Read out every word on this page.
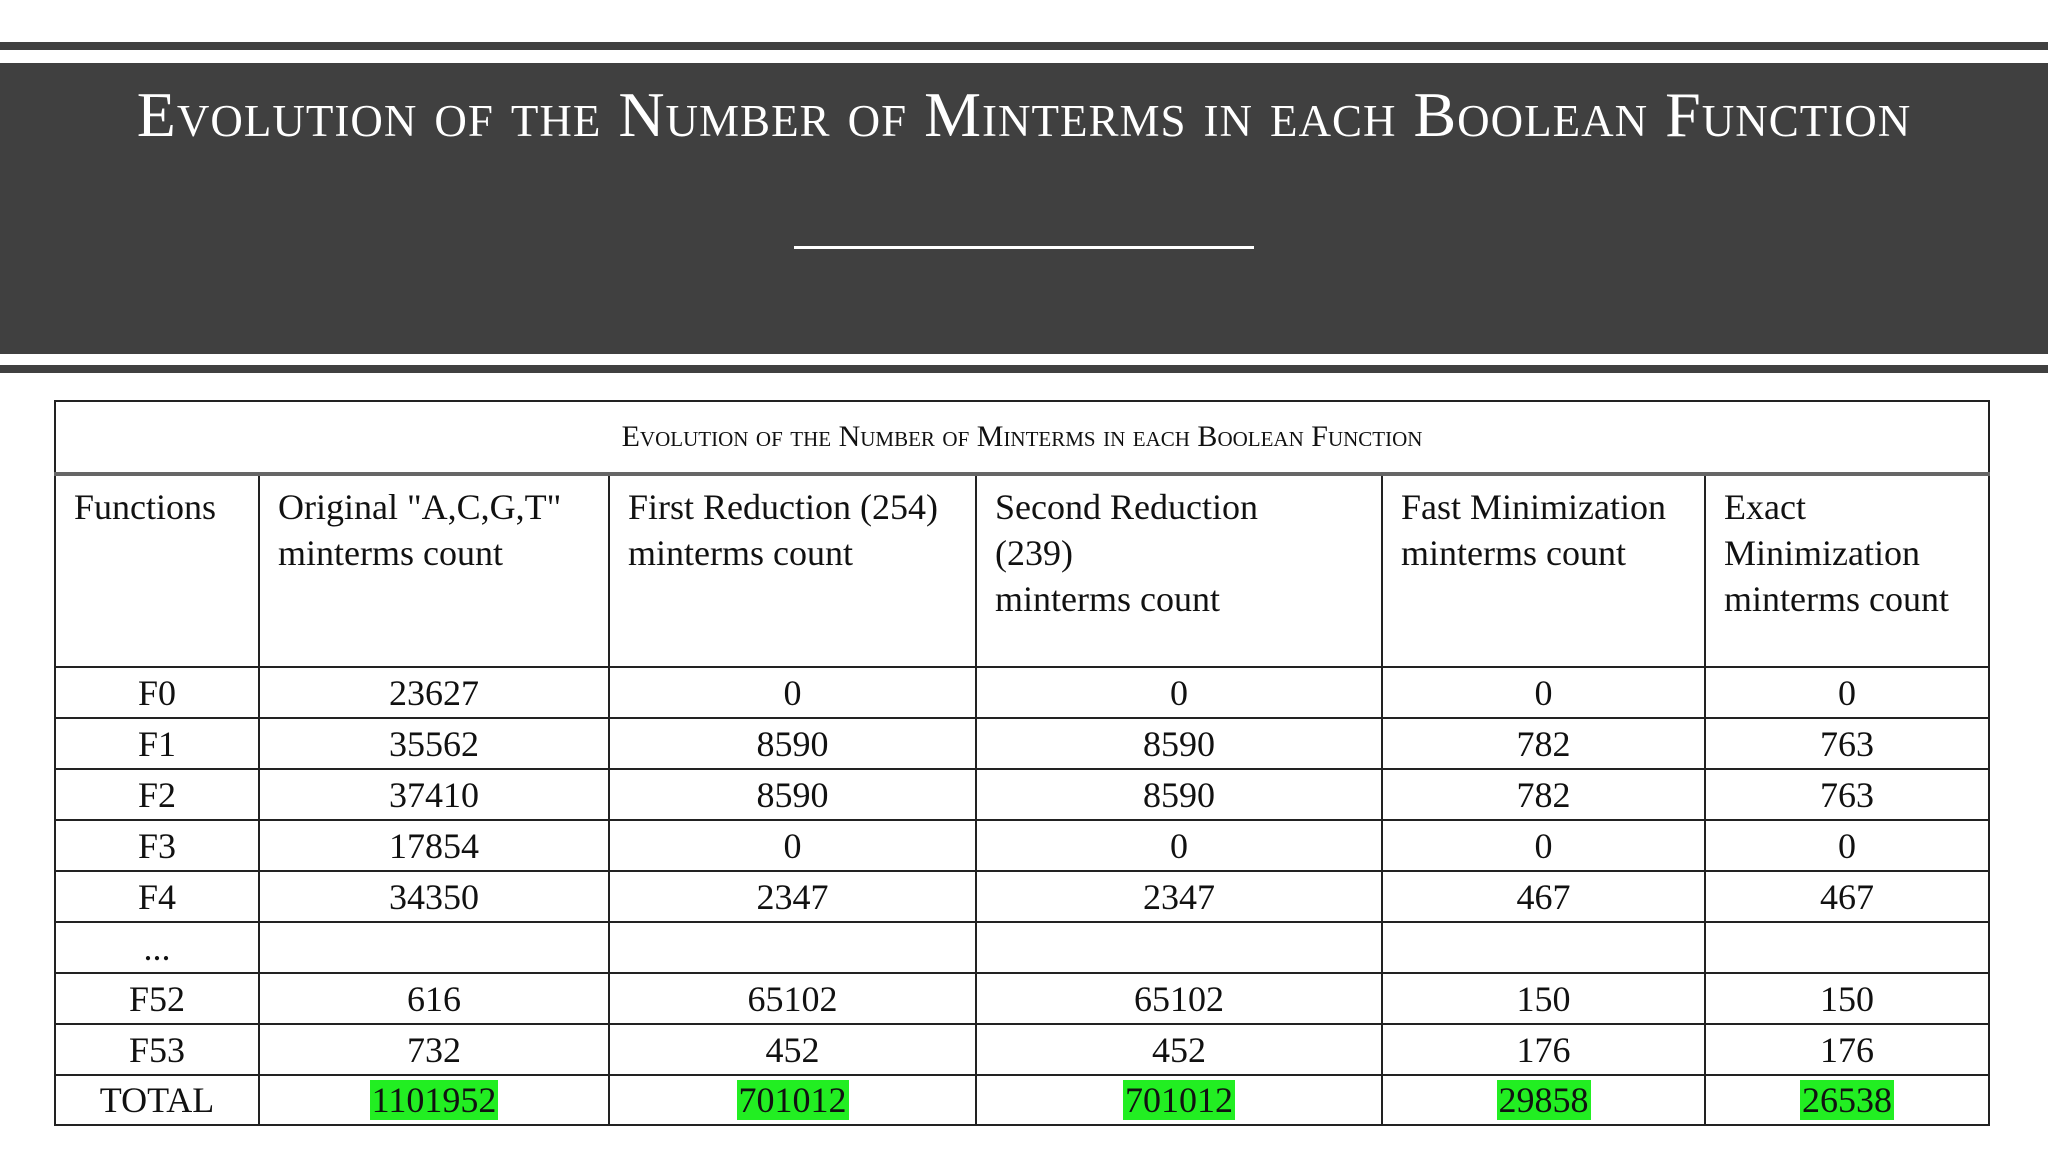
Evolution of the Number of Minterms in each Boolean Function
Evolution of the Number of Minterms in each Boolean Function					
Functions	Original "A,C,G,T"
minterms count	First Reduction (254)
minterms count	Second Reduction
(239)
minterms count	Fast Minimization
minterms count	Exact
Minimization
minterms count
F0	23627	0	0	0	0
F1	35562	8590	8590	782	763
F2	37410	8590	8590	782	763
F3	17854	0	0	0	0
F4	34350	2347	2347	467	467
...					
F52	616	65102	65102	150	150
F53	732	452	452	176	176
TOTAL	1101952	701012	701012	29858	26538
